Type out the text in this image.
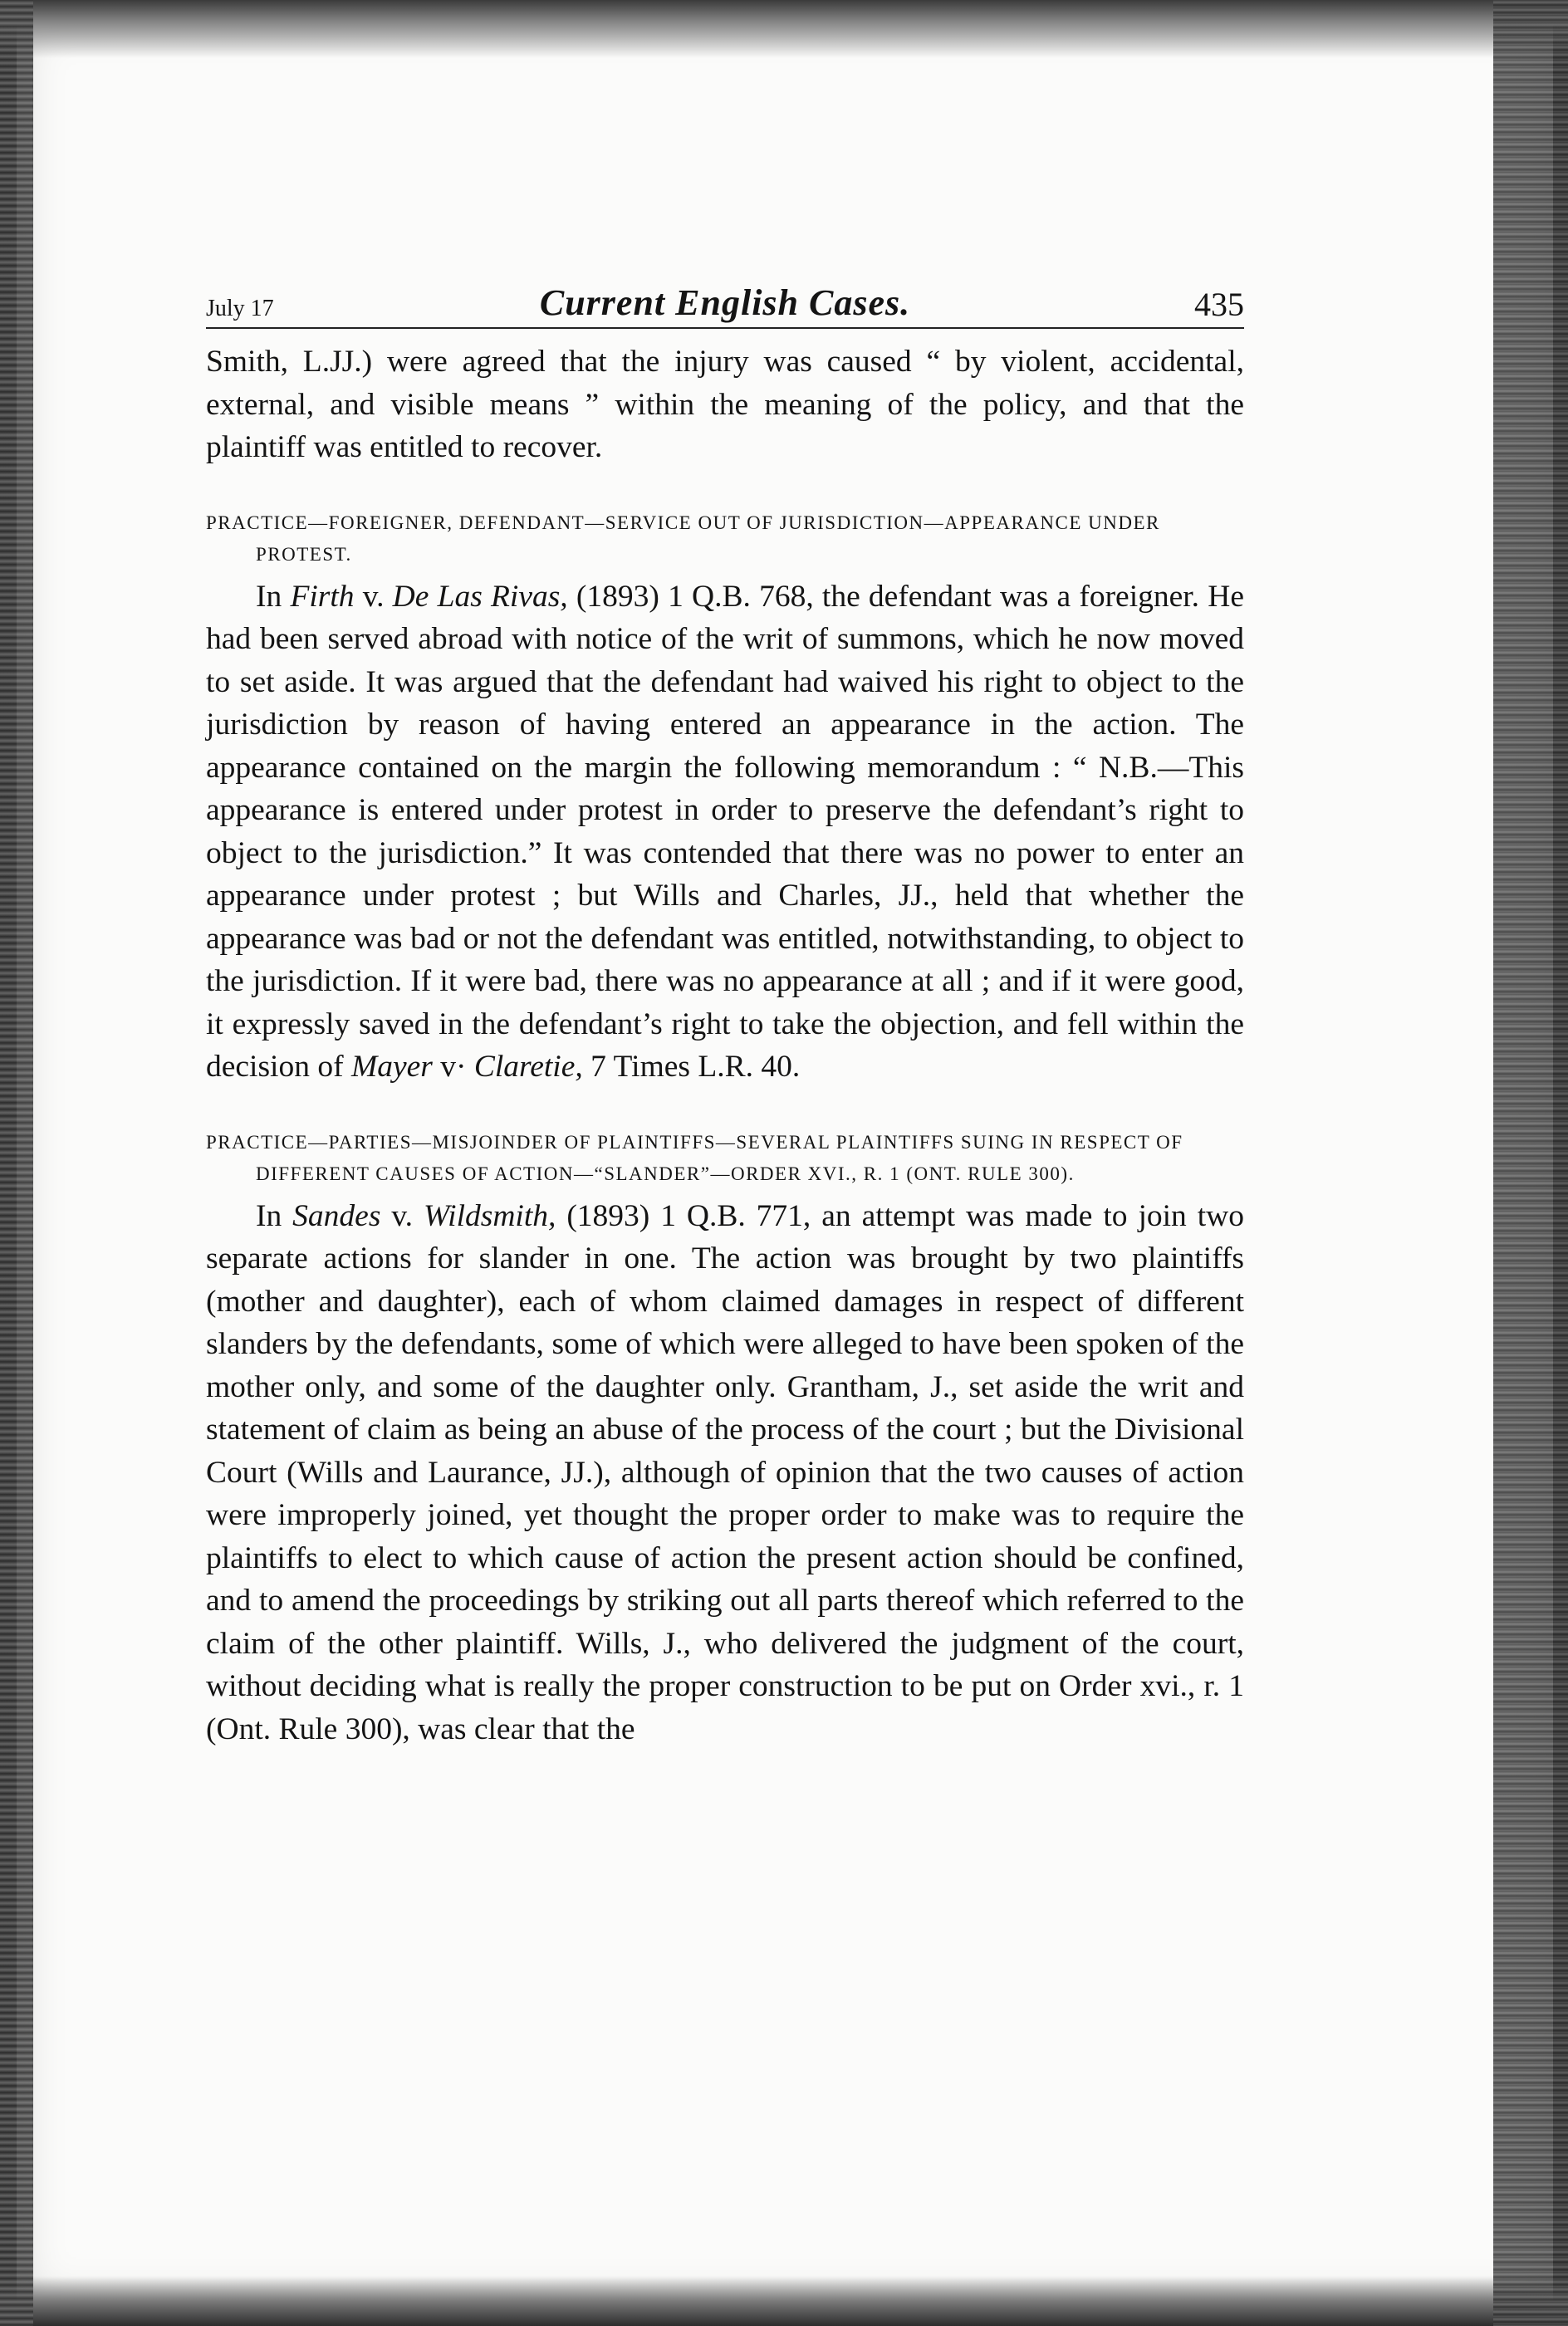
July 17	Current English Cases.	435

Smith, L.JJ.) were agreed that the injury was caused “ by violent, accidental, external, and visible means ” within the meaning of the policy, and that the plaintiff was entitled to recover.

PRACTICE—FOREIGNER, DEFENDANT—SERVICE OUT OF JURISDICTION—APPEARANCE UNDER PROTEST.

In Firth v. De Las Rivas, (1893) 1 Q.B. 768, the defendant was a foreigner. He had been served abroad with notice of the writ of summons, which he now moved to set aside. It was argued that the defendant had waived his right to object to the jurisdiction by reason of having entered an appearance in the action. The appearance contained on the margin the following memorandum : “ N.B.—This appearance is entered under protest in order to preserve the defendant’s right to object to the jurisdiction.” It was contended that there was no power to enter an appearance under protest ; but Wills and Charles, JJ., held that whether the appearance was bad or not the defendant was entitled, notwithstanding, to object to the jurisdiction. If it were bad, there was no appearance at all ; and if it were good, it expressly saved in the defendant’s right to take the objection, and fell within the decision of Mayer v· Claretie, 7 Times L.R. 40.

PRACTICE—PARTIES—MISJOINDER OF PLAINTIFFS—SEVERAL PLAINTIFFS SUING IN RESPECT OF DIFFERENT CAUSES OF ACTION—“SLANDER”—ORDER XVI., R. 1 (ONT. RULE 300).

In Sandes v. Wildsmith, (1893) 1 Q.B. 771, an attempt was made to join two separate actions for slander in one. The action was brought by two plaintiffs (mother and daughter), each of whom claimed damages in respect of different slanders by the defendants, some of which were alleged to have been spoken of the mother only, and some of the daughter only. Grantham, J., set aside the writ and statement of claim as being an abuse of the process of the court ; but the Divisional Court (Wills and Laurance, JJ.), although of opinion that the two causes of action were improperly joined, yet thought the proper order to make was to require the plaintiffs to elect to which cause of action the present action should be confined, and to amend the proceedings by striking out all parts thereof which referred to the claim of the other plaintiff. Wills, J., who delivered the judgment of the court, without deciding what is really the proper construction to be put on Order xvi., r. 1 (Ont. Rule 300), was clear that the
